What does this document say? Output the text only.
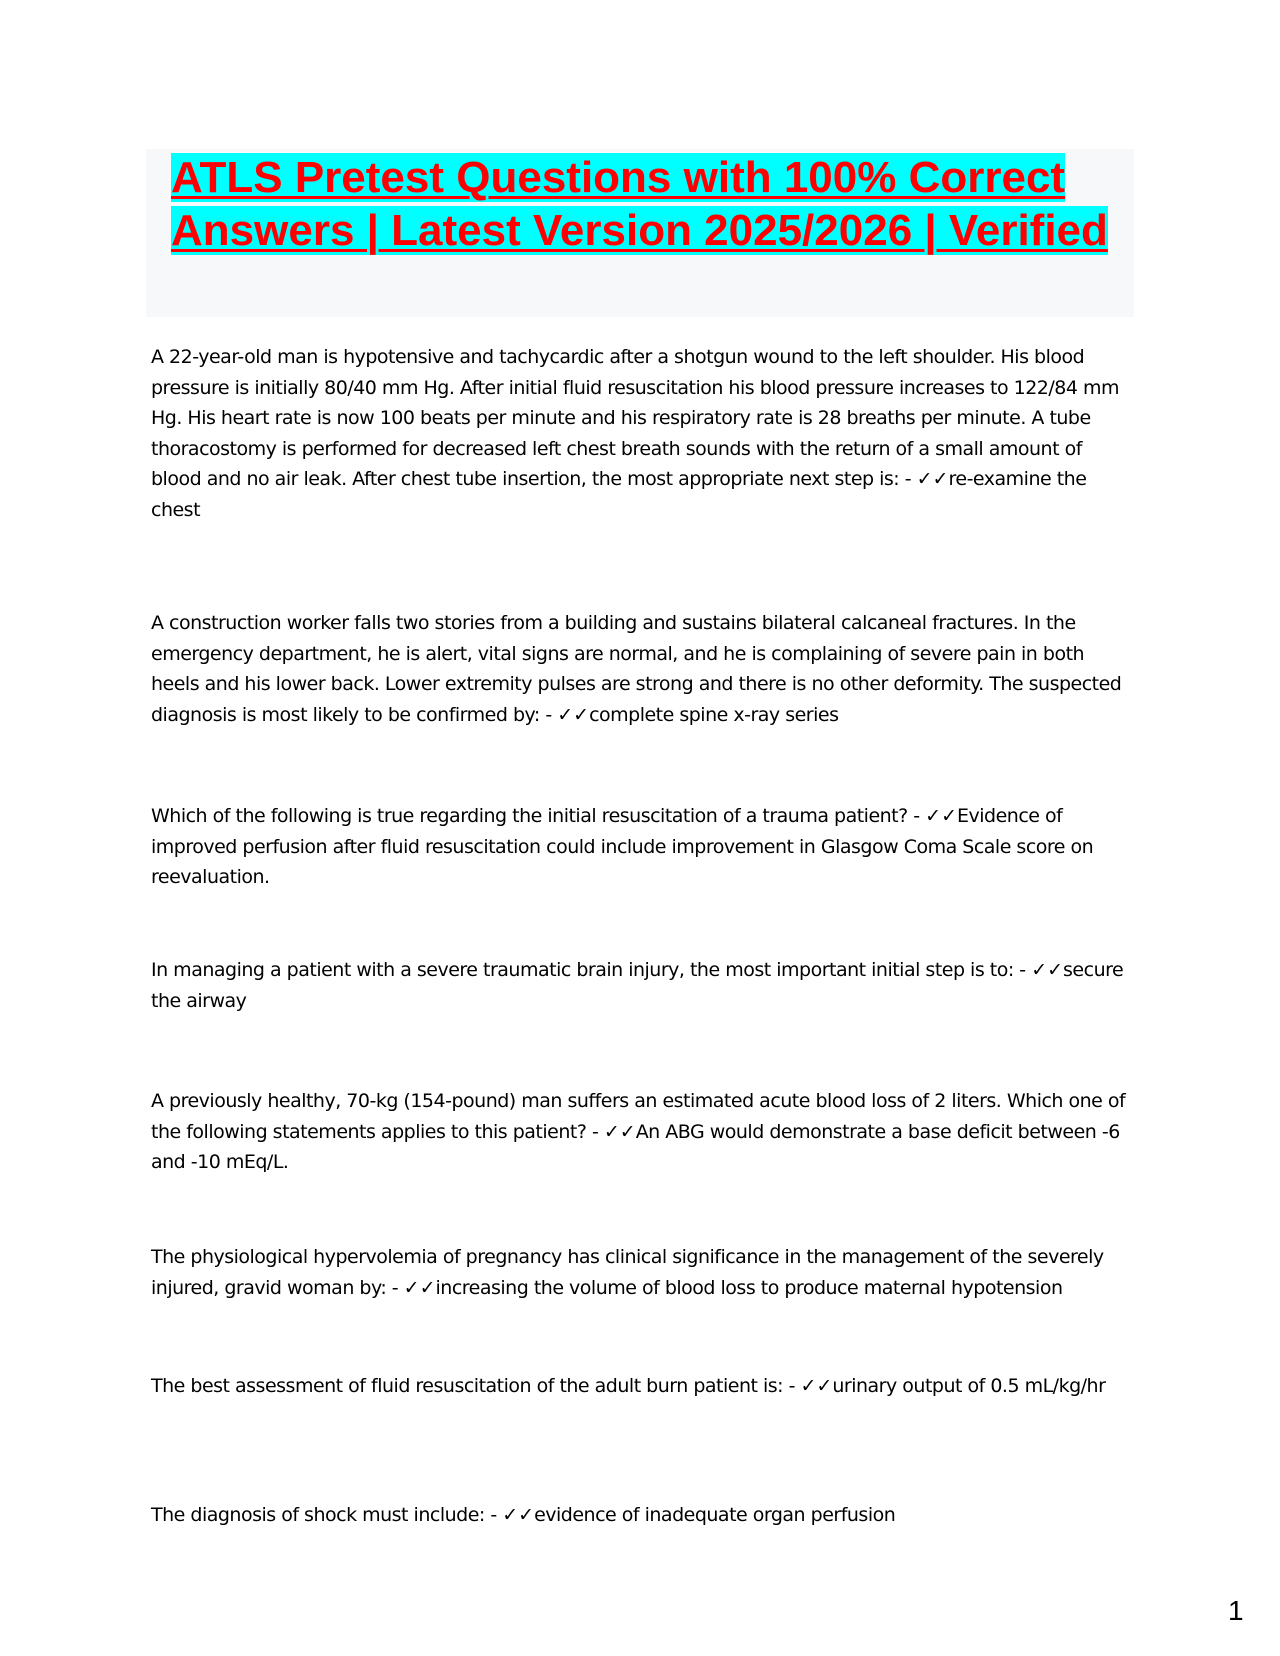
ATLS Pretest Questions with 100% Correct Answers | Latest Version 2025/2026 | Verified

A 22-year-old man is hypotensive and tachycardic after a shotgun wound to the left shoulder. His blood pressure is initially 80/40 mm Hg. After initial fluid resuscitation his blood pressure increases to 122/84 mm Hg. His heart rate is now 100 beats per minute and his respiratory rate is 28 breaths per minute. A tube thoracostomy is performed for decreased left chest breath sounds with the return of a small amount of blood and no air leak. After chest tube insertion, the most appropriate next step is: - ✓✓re-examine the chest

A construction worker falls two stories from a building and sustains bilateral calcaneal fractures. In the emergency department, he is alert, vital signs are normal, and he is complaining of severe pain in both heels and his lower back. Lower extremity pulses are strong and there is no other deformity. The suspected diagnosis is most likely to be confirmed by: - ✓✓complete spine x-ray series

Which of the following is true regarding the initial resuscitation of a trauma patient? - ✓✓Evidence of improved perfusion after fluid resuscitation could include improvement in Glasgow Coma Scale score on reevaluation.

In managing a patient with a severe traumatic brain injury, the most important initial step is to: - ✓✓secure the airway

A previously healthy, 70-kg (154-pound) man suffers an estimated acute blood loss of 2 liters. Which one of the following statements applies to this patient? - ✓✓An ABG would demonstrate a base deficit between -6 and -10 mEq/L.

The physiological hypervolemia of pregnancy has clinical significance in the management of the severely injured, gravid woman by: - ✓✓increasing the volume of blood loss to produce maternal hypotension

The best assessment of fluid resuscitation of the adult burn patient is: - ✓✓urinary output of 0.5 mL/kg/hr

The diagnosis of shock must include: - ✓✓evidence of inadequate organ perfusion

1
